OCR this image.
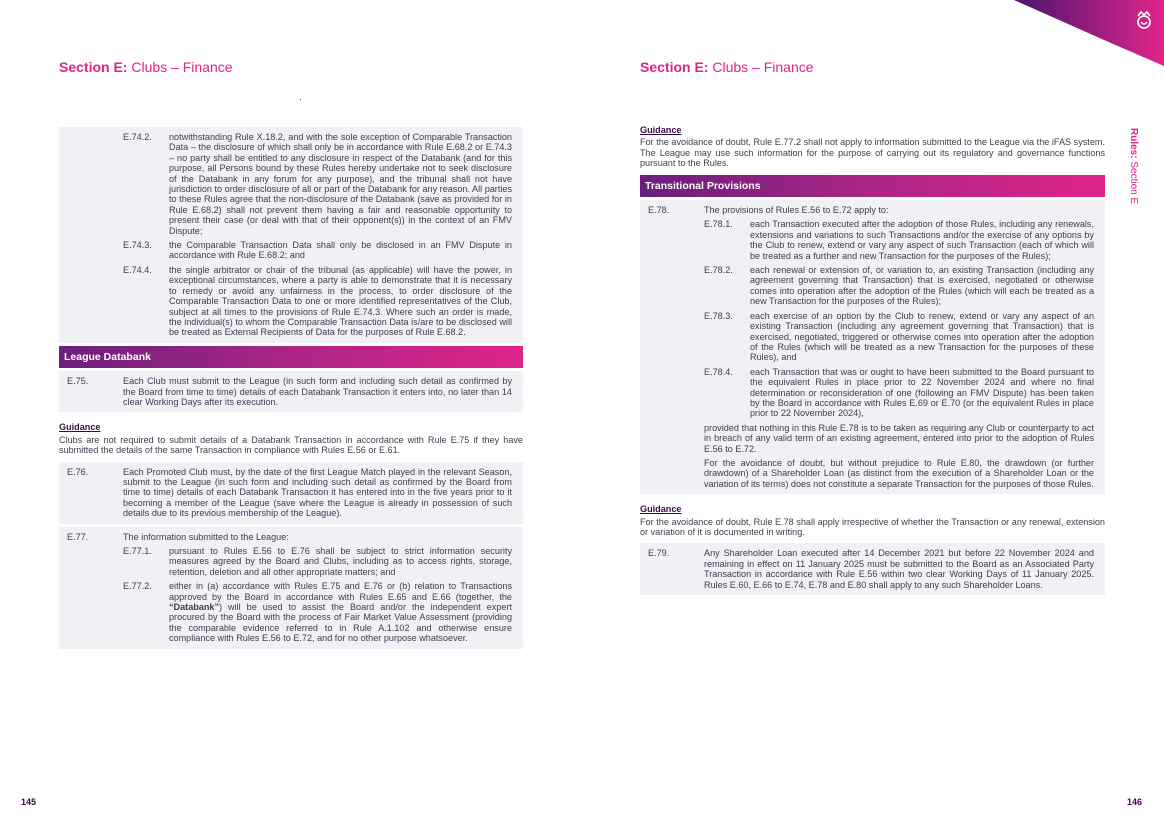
Section E: Clubs – Finance
E.74.2.	notwithstanding Rule X.18.2, and with the sole exception of Comparable Transaction Data – the disclosure of which shall only be in accordance with Rule E.68.2 or E.74.3 – no party shall be entitled to any disclosure in respect of the Databank (and for this purpose, all Persons bound by these Rules hereby undertake not to seek disclosure of the Databank in any forum for any purpose), and the tribunal shall not have jurisdiction to order disclosure of all or part of the Databank for any reason. All parties to these Rules agree that the non-disclosure of the Databank (save as provided for in Rule E.68.2) shall not prevent them having a fair and reasonable opportunity to present their case (or deal with that of their opponent(s)) in the context of an FMV Dispute;
E.74.3.	the Comparable Transaction Data shall only be disclosed in an FMV Dispute in accordance with Rule E.68.2; and
E.74.4.	the single arbitrator or chair of the tribunal (as applicable) will have the power, in exceptional circumstances, where a party is able to demonstrate that it is necessary to remedy or avoid any unfairness in the process, to order disclosure of the Comparable Transaction Data to one or more identified representatives of the Club, subject at all times to the provisions of Rule E.74.3. Where such an order is made, the individual(s) to whom the Comparable Transaction Data is/are to be disclosed will be treated as External Recipients of Data for the purposes of Rule E.68.2.
League Databank
E.75.	Each Club must submit to the League (in such form and including such detail as confirmed by the Board from time to time) details of each Databank Transaction it enters into, no later than 14 clear Working Days after its execution.
Guidance
Clubs are not required to submit details of a Databank Transaction in accordance with Rule E.75 if they have submitted the details of the same Transaction in compliance with Rules E.56 or E.61.
E.76.	Each Promoted Club must, by the date of the first League Match played in the relevant Season, submit to the League (in such form and including such detail as confirmed by the Board from time to time) details of each Databank Transaction it has entered into in the five years prior to it becoming a member of the League (save where the League is already in possession of such details due to its previous membership of the League).
E.77.	The information submitted to the League:
E.77.1.	pursuant to Rules E.56 to E.76 shall be subject to strict information security measures agreed by the Board and Clubs, including as to access rights, storage, retention, deletion and all other appropriate matters; and
E.77.2.	either in (a) accordance with Rules E.75 and E.76 or (b) relation to Transactions approved by the Board in accordance with Rules E.65 and E.66 (together, the “Databank”) will be used to assist the Board and/or the independent expert procured by the Board with the process of Fair Market Value Assessment (providing the comparable evidence referred to in Rule A.1.102 and otherwise ensure compliance with Rules E.56 to E.72, and for no other purpose whatsoever.
145
Section E: Clubs – Finance
Guidance
For the avoidance of doubt, Rule E.77.2 shall not apply to information submitted to the League via the iFAS system. The League may use such information for the purpose of carrying out its regulatory and governance functions pursuant to the Rules.
Transitional Provisions
E.78.	The provisions of Rules E.56 to E.72 apply to:
E.78.1.	each Transaction executed after the adoption of those Rules, including any renewals, extensions and variations to such Transactions and/or the exercise of any options by the Club to renew, extend or vary any aspect of such Transaction (each of which will be treated as a further and new Transaction for the purposes of the Rules);
E.78.2.	each renewal or extension of, or variation to, an existing Transaction (including any agreement governing that Transaction) that is exercised, negotiated or otherwise comes into operation after the adoption of the Rules (which will each be treated as a new Transaction for the purposes of the Rules);
E.78.3.	each exercise of an option by the Club to renew, extend or vary any aspect of an existing Transaction (including any agreement governing that Transaction) that is exercised, negotiated, triggered or otherwise comes into operation after the adoption of the Rules (which will be treated as a new Transaction for the purposes of these Rules), and
E.78.4.	each Transaction that was or ought to have been submitted to the Board pursuant to the equivalent Rules in place prior to 22 November 2024 and where no final determination or reconsideration of one (following an FMV Dispute) has been taken by the Board in accordance with Rules E.69 or E.70 (or the equivalent Rules in place prior to 22 November 2024),
provided that nothing in this Rule E.78 is to be taken as requiring any Club or counterparty to act in breach of any valid term of an existing agreement, entered into prior to the adoption of Rules E.56 to E.72.
For the avoidance of doubt, but without prejudice to Rule E.80, the drawdown (or further drawdown) of a Shareholder Loan (as distinct from the execution of a Shareholder Loan or the variation of its terms) does not constitute a separate Transaction for the purposes of those Rules.
Guidance
For the avoidance of doubt, Rule E.78 shall apply irrespective of whether the Transaction or any renewal, extension or variation of it is documented in writing.
E.79.	Any Shareholder Loan executed after 14 December 2021 but before 22 November 2024 and remaining in effect on 11 January 2025 must be submitted to the Board as an Associated Party Transaction in accordance with Rule E.56 within two clear Working Days of 11 January 2025. Rules E.60, E.66 to E.74, E.78 and E.80 shall apply to any such Shareholder Loans.
146
Rules: Section E
